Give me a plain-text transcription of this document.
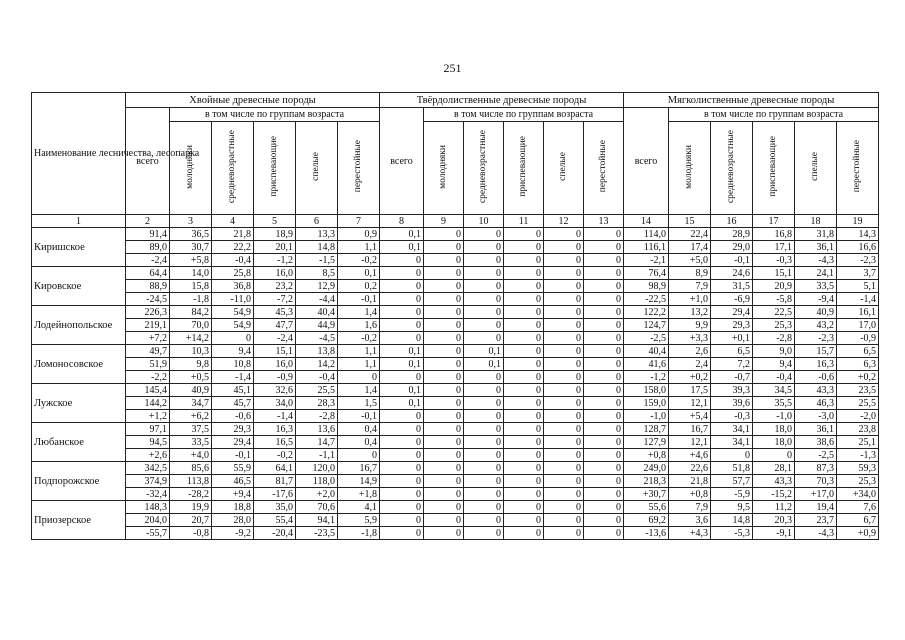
251
Наименование лесничества, лесопарка	Хвойные древесные породы						Твёрдолиственные древесные породы						Мягколиственные древесные породы					
	всего	в том числе по группам возраста					всего	в том числе по группам возраста					всего	в том числе по группам возраста				
		молодняки	средневозрастные	приспевающие	спелые	перестойные		молодняки	средневозрастные	приспевающие	спелые	перестойные		молодняки	средневозрастные	приспевающие	спелые	перестойные
1	2	3	4	5	6	7	8	9	10	11	12	13	14	15	16	17	18	19
Киришское	91,4	36,5	21,8	18,9	13,3	0,9	0,1	0	0	0	0	0	114,0	22,4	28,9	16,8	31,8	14,3
	89,0	30,7	22,2	20,1	14,8	1,1	0,1	0	0	0	0	0	116,1	17,4	29,0	17,1	36,1	16,6
	-2,4	+5,8	-0,4	-1,2	-1,5	-0,2	0	0	0	0	0	0	-2,1	+5,0	-0,1	-0,3	-4,3	-2,3
Кировское	64,4	14,0	25,8	16,0	8,5	0,1	0	0	0	0	0	0	76,4	8,9	24,6	15,1	24,1	3,7
	88,9	15,8	36,8	23,2	12,9	0,2	0	0	0	0	0	0	98,9	7,9	31,5	20,9	33,5	5,1
	-24,5	-1,8	-11,0	-7,2	-4,4	-0,1	0	0	0	0	0	0	-22,5	+1,0	-6,9	-5,8	-9,4	-1,4
Лодейнопольское	226,3	84,2	54,9	45,3	40,4	1,4	0	0	0	0	0	0	122,2	13,2	29,4	22,5	40,9	16,1
	219,1	70,0	54,9	47,7	44,9	1,6	0	0	0	0	0	0	124,7	9,9	29,3	25,3	43,2	17,0
	+7,2	+14,2	0	-2,4	-4,5	-0,2	0	0	0	0	0	0	-2,5	+3,3	+0,1	-2,8	-2,3	-0,9
Ломоносовское	49,7	10,3	9,4	15,1	13,8	1,1	0,1	0	0,1	0	0	0	40,4	2,6	6,5	9,0	15,7	6,5
	51,9	9,8	10,8	16,0	14,2	1,1	0,1	0	0,1	0	0	0	41,6	2,4	7,2	9,4	16,3	6,3
	-2,2	+0,5	-1,4	-0,9	-0,4	0	0	0	0	0	0	0	-1,2	+0,2	-0,7	-0,4	-0,6	+0,2
Лужское	145,4	40,9	45,1	32,6	25,5	1,4	0,1	0	0	0	0	0	158,0	17,5	39,3	34,5	43,3	23,5
	144,2	34,7	45,7	34,0	28,3	1,5	0,1	0	0	0	0	0	159,0	12,1	39,6	35,5	46,3	25,5
	+1,2	+6,2	-0,6	-1,4	-2,8	-0,1	0	0	0	0	0	0	-1,0	+5,4	-0,3	-1,0	-3,0	-2,0
Любанское	97,1	37,5	29,3	16,3	13,6	0,4	0	0	0	0	0	0	128,7	16,7	34,1	18,0	36,1	23,8
	94,5	33,5	29,4	16,5	14,7	0,4	0	0	0	0	0	0	127,9	12,1	34,1	18,0	38,6	25,1
	+2,6	+4,0	-0,1	-0,2	-1,1	0	0	0	0	0	0	0	+0,8	+4,6	0	0	-2,5	-1,3
Подпорожское	342,5	85,6	55,9	64,1	120,0	16,7	0	0	0	0	0	0	249,0	22,6	51,8	28,1	87,3	59,3
	374,9	113,8	46,5	81,7	118,0	14,9	0	0	0	0	0	0	218,3	21,8	57,7	43,3	70,3	25,3
	-32,4	-28,2	+9,4	-17,6	+2,0	+1,8	0	0	0	0	0	0	+30,7	+0,8	-5,9	-15,2	+17,0	+34,0
Приозерское	148,3	19,9	18,8	35,0	70,6	4,1	0	0	0	0	0	0	55,6	7,9	9,5	11,2	19,4	7,6
	204,0	20,7	28,0	55,4	94,1	5,9	0	0	0	0	0	0	69,2	3,6	14,8	20,3	23,7	6,7
	-55,7	-0,8	-9,2	-20,4	-23,5	-1,8	0	0	0	0	0	0	-13,6	+4,3	-5,3	-9,1	-4,3	+0,9
